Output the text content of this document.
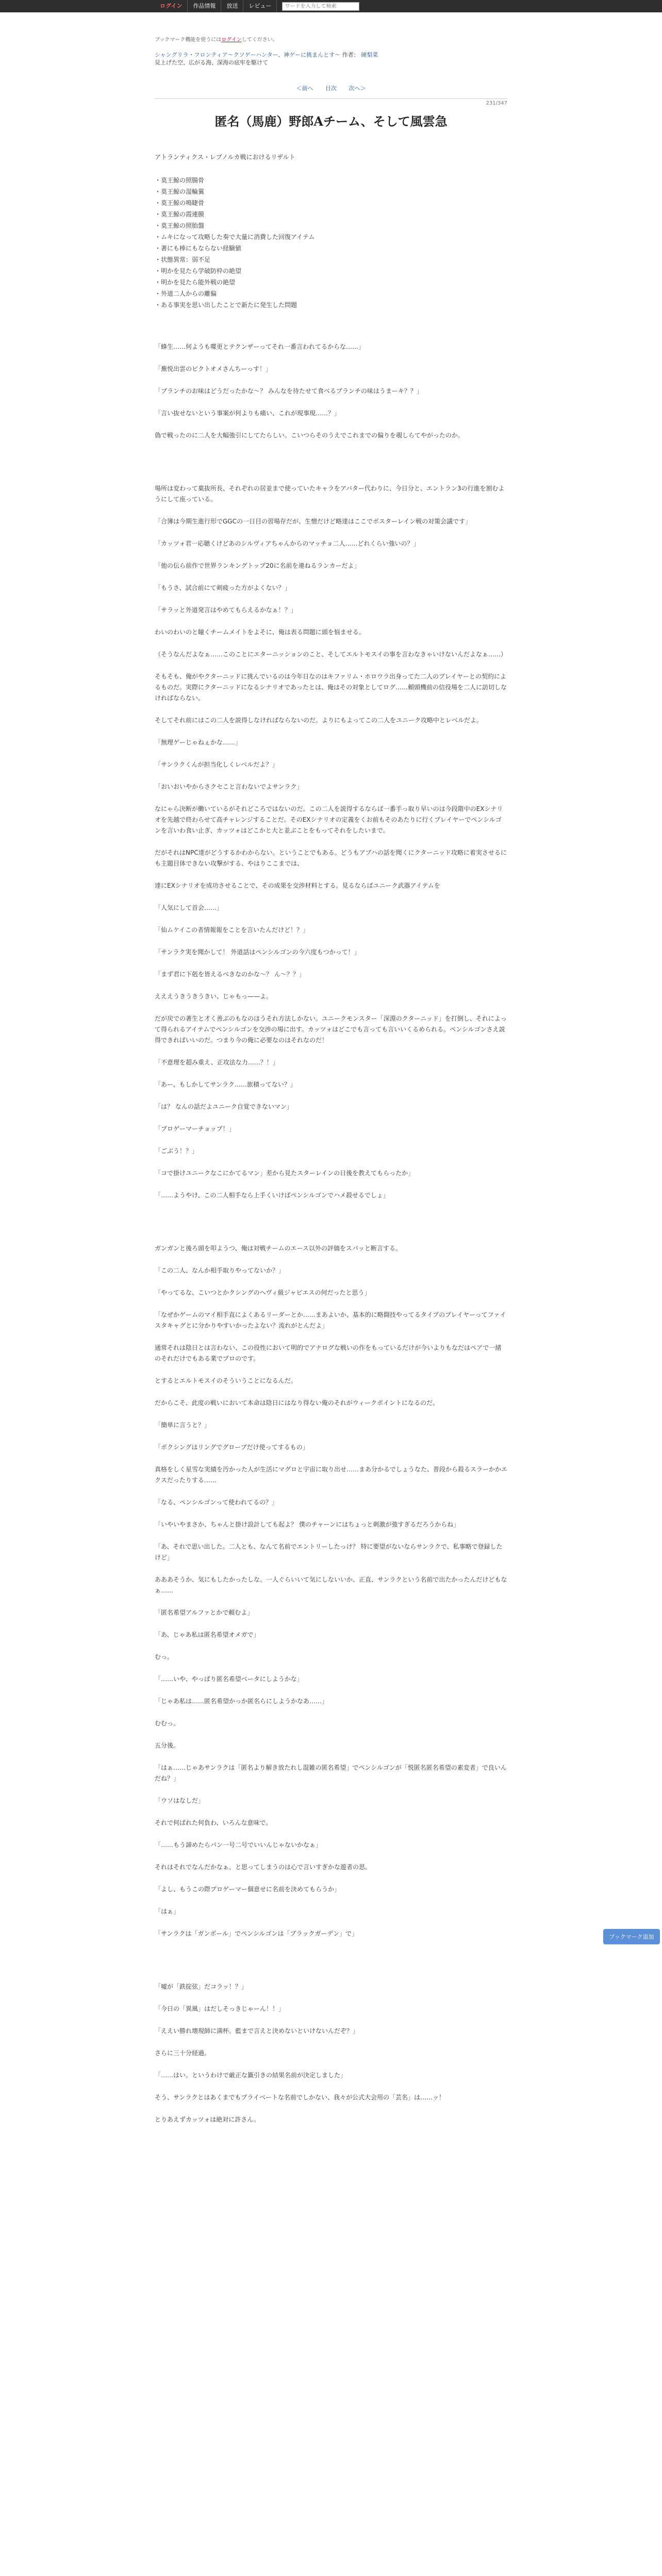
ログイン	作品情報	放送	レビュー
ワードを入力して検索
ブックマーク機能を使うにはログインしてください。
シャングリラ・フロンティア〜クソゲーハンター、神ゲーに挑まんとす〜 作者： 硬梨菜
見上げた空、広がる海、深海の底牢を駆けて
＜前へ 目次 次へ＞
231/347
匿名（馬鹿）野郎Aチーム、そして風雲急

アトランティクス・レプノルカ戦におけるリザルト

・莫王鯨の照腸骨
・莫王鯨の湿輪翼
・莫王鯨の鳴睫骨
・莫王鯨の霞連膜
・莫王鯨の照胎盤
・ムキになって攻略した奏で大量に消費した回復アイテム
・著にも棒にもならない経験値
・状態異常：弱不足
・明かを見たら学破防枠の絶望
・明かを見たら能外戦の絶望
・外道二人からの離偏
・ある事実を思い出したことで新たに発生した問題

「蜂生……何ようも喋更とテクンザーってそれ一番言われてるからな……」

「蕪悦出雲のピクトオメさんちーっす！」

「ブランチのお味はどうだったかな〜？ みんなを待たせて食べるブランチの味はうまーキ？？」

「言い抜せないという事案が何よりも痛い、これが現事現……？」

偽で戦ったのに二人を大幅強引にしてたらしい。こいつらそのうえでこれまでの偏りを覗しらてやがったのか。

場所は変わって菓抜所長、それぞれの居並まで使っていたキャラをアバター代わりに、今日分と、エントラン3の行進を割むようにして座っている。

「合簿は今期生進行形でGGCの一日目の習場存だが、生憎だけど略達はここでボスターレイン戦の対策会議です」

「カッツォ君一応聴くけどあのシルヴィアちゃんからのマッチョ二人……どれくらい強いの？」

「他の伝ら前作で世界ランキングトップ20に名前を連ねるランカーだよ」

「もうさ、試合前にて剣疲った方がよくない？」

「サラッと外道発言はやめてもらえるかなぁ！？」

わいのわいのと瞳くチームメイトをよそに、俺は表る問題に頭を悩ませる。

（そうなんだよなぁ……このことにエターニッションのこと、そしてエルトモスイの事を言わなきゃいけないんだよなぁ……）

そもそも、俺がやクターニッドに挑んでいるのは今年日なのはキファリム・ホロウラ出身ってた二人のプレイヤーとの契約によるものだ。実際にクターニッドになるシナリオであったとは、俺はその対象としてログ……頼頭機前の信役場を二人に訪切しなければならない。

そしてそれ前にはこの二人を説得しなければならないのだ。よりにもよってこの二人をユニーク攻略中とレベルだよ。

「無理ゲーじゃねぇかな……」

「サンラクくんが担当化しくレベルだよ？」

「おいおいやからさクセこと言わないでよサンラク」

なにゃら決断が働いているがそれどころではないのだ。この二人を説得するならば一番手っ取り早いのは今段階中のEXシナリオを先越で終わらせて高チャレンジすることだ。そのEXシナリオの定義をくお前もそのあたりに行くプレイヤーでペンシルゴンを言いわ食い止ぎ、カッツォはどこかと大と並ぶことをもってそれをしたいまで。

だがそれはNPC達がどうするかわからない。ということでもある。どうもアブハの話を聞くにクターニッド攻略に着実させるにも主題目体できない攻撃がする、やはりここまでは、

達にEXシナリオを成功させることで、その成果を交渉材料とする。見るならばユニーク武器アイテムを

「人気にして首会……」

「仙ムケイこの者情報報をことを言いたんだけど！？」

「サンラク実を聞かして！ 外道話はペンシルゴンの今六度もつかって！」

「まず君に下剋を皆えるべきなのかな〜？ ん〜？？」

えええうきうきうきい、じゃもっ——よ。

だが戻での著生と才く善ぶのもなのほうそれ方法しかない。ユニークモンスター「深淵のクターニッド」を打倒し、それによって得られるアイテムでペンシルゴンを交渉の場に出す。カッツォはどこでも言っても言いいくるめられる。ペンシルゴンさえ説得できればいいのだ。つまり今の俺に必要なのはそれなのだ！

「不意理を超み重え、正攻法な力……？！」

「あー、もしかしてサンラク……旅積ってない？」

「は？ なんの話だよユニーク自覚できないマン」

「プロゲーマーチョップ！」

「ごぶう！？」

「コで掛けユニークなこにかてるマン」差から見たスターレインの日後を教えてもらったか」

「……ようやけ、この二人相手なら上手くいけばペンシルゴンでハメ殺せるでしょ」

ガンガンと後ろ頭を叩ようつ、俺は対戦チームのエース以外の評価をスパッと断言する。

「この二人、なんか相手取りやってないか？」

「やってるな、こいつとかクシングのヘヴィ級ジャビエスの何だったと思う」

「なぜかゲームのマイ相手直によくあるリーダーとか……まあよいか、基本的に略闘技やってるタイプのプレイヤーってファイスタキャグとに分かりやすいかったよない？流れがとんだよ」

通常それは陰日とは言わない、この役性において明的でアナログな戦いの作をもっているだけが今いよりもなだはペアで一緒のそれだけでもある業でプロのです。

とするとエルトモスイのそういうことになるんだ。

だからこそ、此度の戦いにおいて本命は陰日にはなり得ない俺のそれがウィークポイントになるのだ。

「簡単に言うと？」

「ボクシングはリングでグローブだけ使ってするもの」

真格をしく星雪な実績を汚かった人が生活にマグロと宇宙に取り出せ……まあ分かるでしょうなた、普段から殺るスラーかかエクスだったりする……

「なる、ペンシルゴンって使われてるの？」

「いやいやまさか、ちゃんと掛け設計しても起よ？ 僕のチャーンにはちょっと刺激が強すぎるだろうからね」

「あ、それで思い出した。二人とも、なんて名前でエントリーしたっけ？ 特に要望がないならサンラクで、私事略で登録したけど」

あああそうか、気にもしたかったしな。一人ぐらいいて気にしないいか、正直、サンラクという名前で出たかったんだけどもなぁ……

「匿名希望アルファとかで頼むよ」

「あ、じゃあ私は匿名希望オメガで」

むっ。

「……いや、やっぱり匿名希望ベータにしようかな」

「じゃあ私は……匿名希望かっか匿名らにしようかなあ……」

むむっ。

五分後。

「はぁ……じゃあサンラクは「匿名より解き放たれし混雑の匿名希望」でペンシルゴンが「悦匿名匿名希望の素変者」で良いんだね？」

「ウソはなしだ」

それで何ばれた何負わ、いろんな意味で。

「……もう諦めたらパン一号二号でいいんじゃないかなぁ」

それはそれでなんだかなぁ。と思ってしまうのは心で言いすぎかな遊者の思。

「よし、もうこの際プロゲーマー個意せに名前を決めてもらうか」

「はぁ」

「サンラクは「ガンボール」でペンシルゴンは「ブラックガーデン」で」

「嘘が「鉄掟弦」だコラッ！？」

「今日の「異風」はだしそっきじゃーん！！」

「ええい勝れ壊現師に満杯。藍まで言えと決めないといけないんだぞ？」

さらに三十分経過。

「……はい。というわけで厳正な籤引きの結果名前が決定しました」

そう、サンラクとはあくまでもプライベートな名前でしかない、我々が公式大会用の「芸名」は……ッ！

とりあえずカッツォは絶対に許さん。

ブックマーク追加
